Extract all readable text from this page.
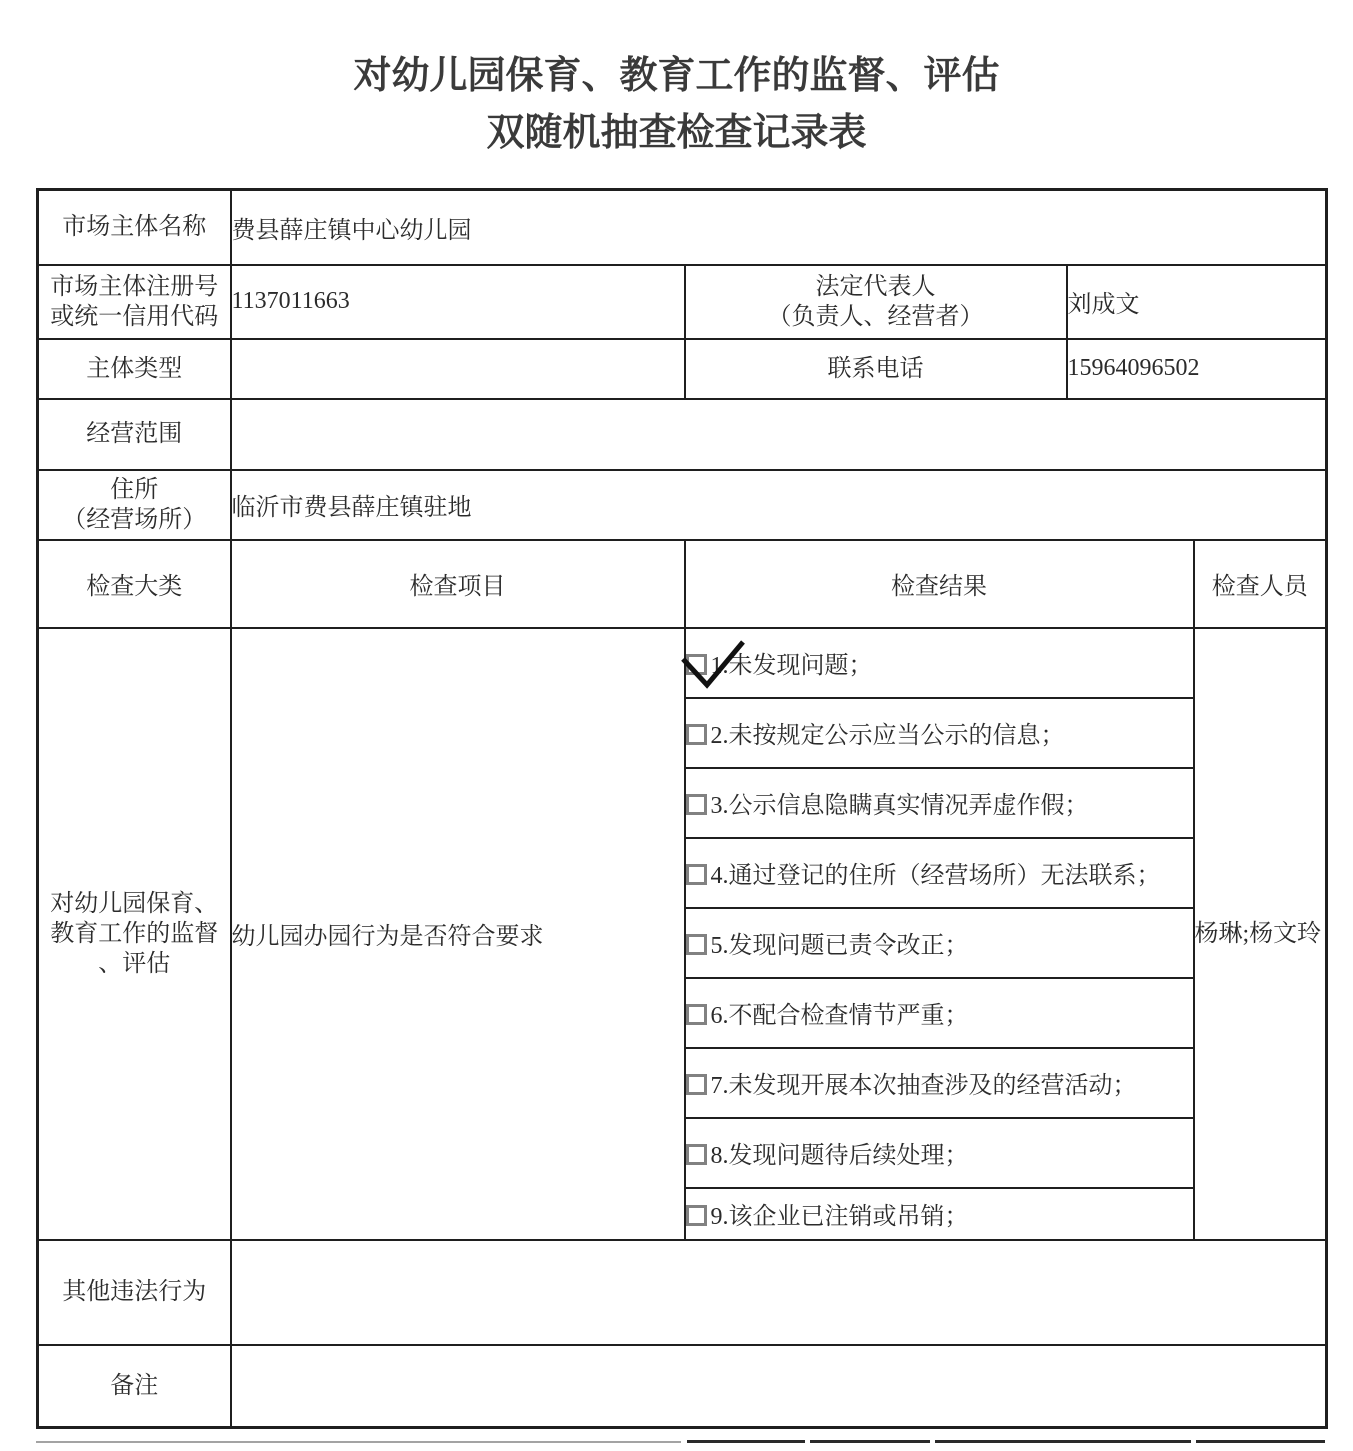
对幼儿园保育、教育工作的监督、评估
双随机抽查检查记录表
市场主体名称	费县薛庄镇中心幼儿园			

市场主体注册号
或统一信用代码
	1137011663	
法定代表人
（负责人、经营者）	刘成文
主体类型		联系电话	15964096502	
经营范围				

住所
（经营场所）	临沂市费县薛庄镇驻地			
检查大类	检查项目	检查结果		检查人员

对幼儿园保育、
教育工作的监督
、评估	幼儿园办园行为是否符合要求	1.未发现问题；		杨琳;杨文玲
		2.未按规定公示应当公示的信息；		
		3.公示信息隐瞒真实情况弄虚作假；		
		4.通过登记的住所（经营场所）无法联系；		
		5.发现问题已责令改正；		
		6.不配合检查情节严重；		
		7.未发现开展本次抽查涉及的经营活动；		
		8.发现问题待后续处理；		
		9.该企业已注销或吊销；		
其他违法行为				
备注				
